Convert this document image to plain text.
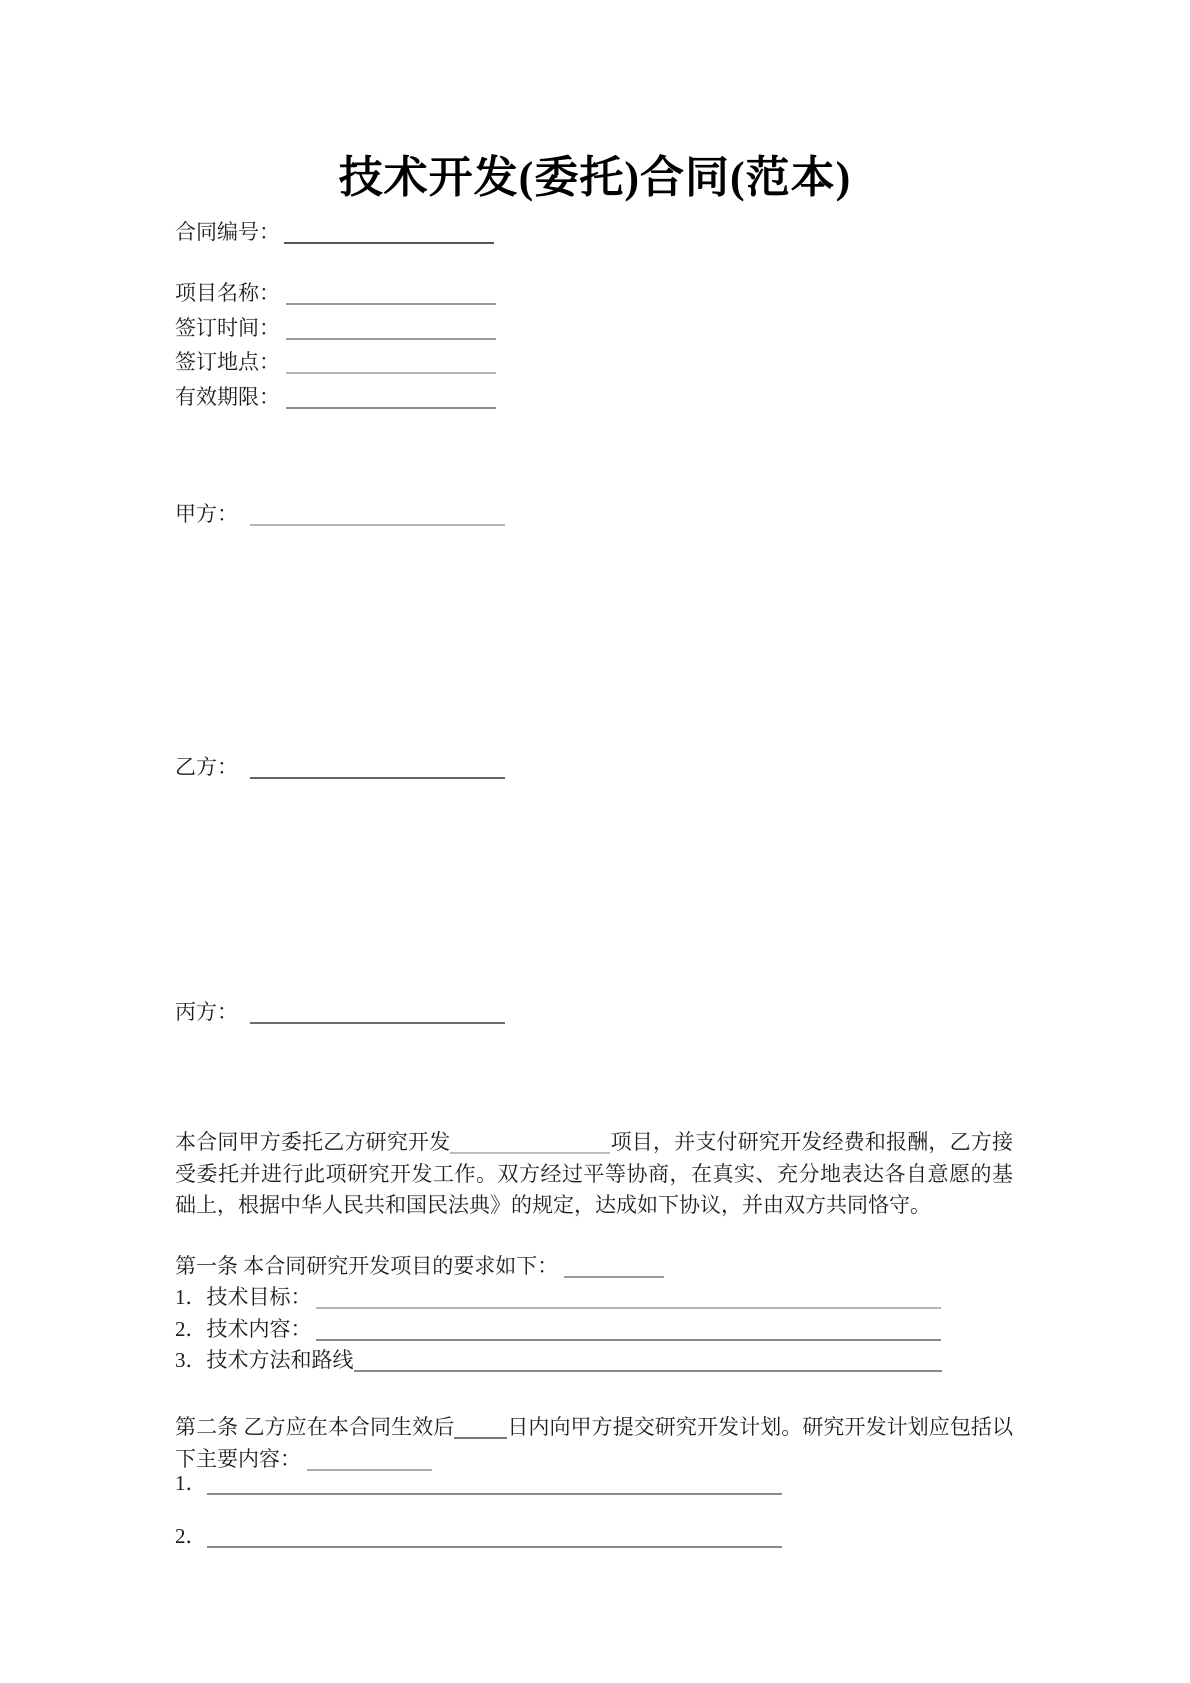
技术开发(委托)合同(范本)
合同编号：
项目名称：
签订时间：
签订地点：
有效期限：
甲方：
乙方：
丙方：

本合同甲方委托乙方研究开发	项目，并支付研究开发经费和报酬，乙方接受委托并进行此项研究开发工作。双方经过平等协商，在真实、充分地表达各自意愿的基础上，根据中华人民共和国民法典》的规定，达成如下协议，并由双方共同恪守。

第一条 本合同研究开发项目的要求如下：
1．技术目标：
2．技术内容：
3．技术方法和路线

第二条 乙方应在本合同生效后	日内向甲方提交研究开发计划。研究开发计划应包括以下主要内容：

1．
2．
